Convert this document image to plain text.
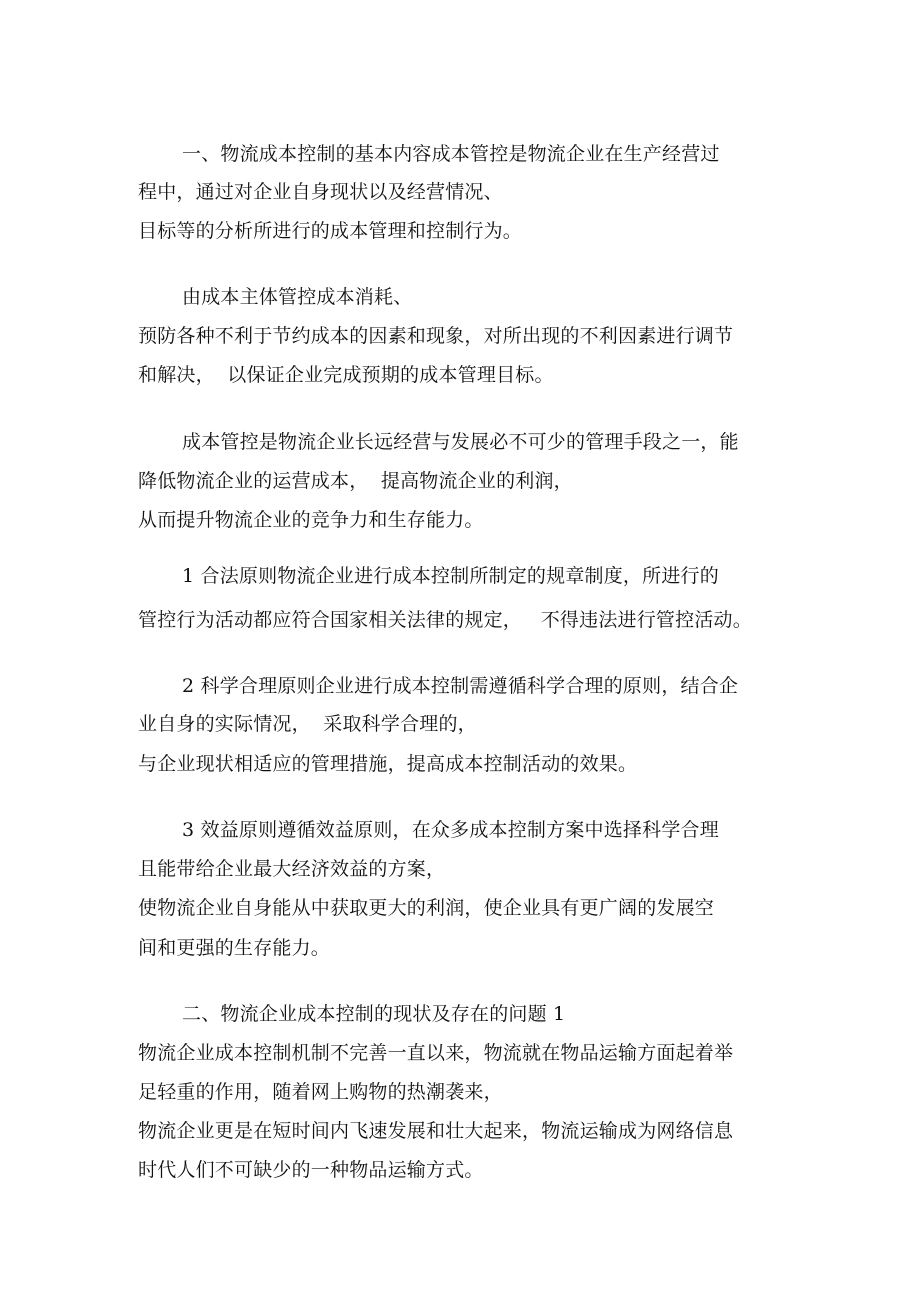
一、物流成本控制的基本内容成本管控是物流企业在生产经营过
程中，通过对企业自身现状以及经营情况、
目标等的分析所进行的成本管理和控制行为。
由成本主体管控成本消耗、
预防各种不利于节约成本的因素和现象，对所出现的不利因素进行调节
和解决，  以保证企业完成预期的成本管理目标。
成本管控是物流企业长远经营与发展必不可少的管理手段之一，能
降低物流企业的运营成本，  提高物流企业的利润，
从而提升物流企业的竞争力和生存能力。
1 合法原则物流企业进行成本控制所制定的规章制度，所进行的
管控行为活动都应符合国家相关法律的规定，   不得违法进行管控活动。
2 科学合理原则企业进行成本控制需遵循科学合理的原则，结合企
业自身的实际情况，  采取科学合理的，
与企业现状相适应的管理措施，提高成本控制活动的效果。
3 效益原则遵循效益原则，在众多成本控制方案中选择科学合理
且能带给企业最大经济效益的方案，
使物流企业自身能从中获取更大的利润，使企业具有更广阔的发展空
间和更强的生存能力。
二、物流企业成本控制的现状及存在的问题 1
物流企业成本控制机制不完善一直以来，物流就在物品运输方面起着举
足轻重的作用，随着网上购物的热潮袭来，
物流企业更是在短时间内飞速发展和壮大起来，物流运输成为网络信息
时代人们不可缺少的一种物品运输方式。
